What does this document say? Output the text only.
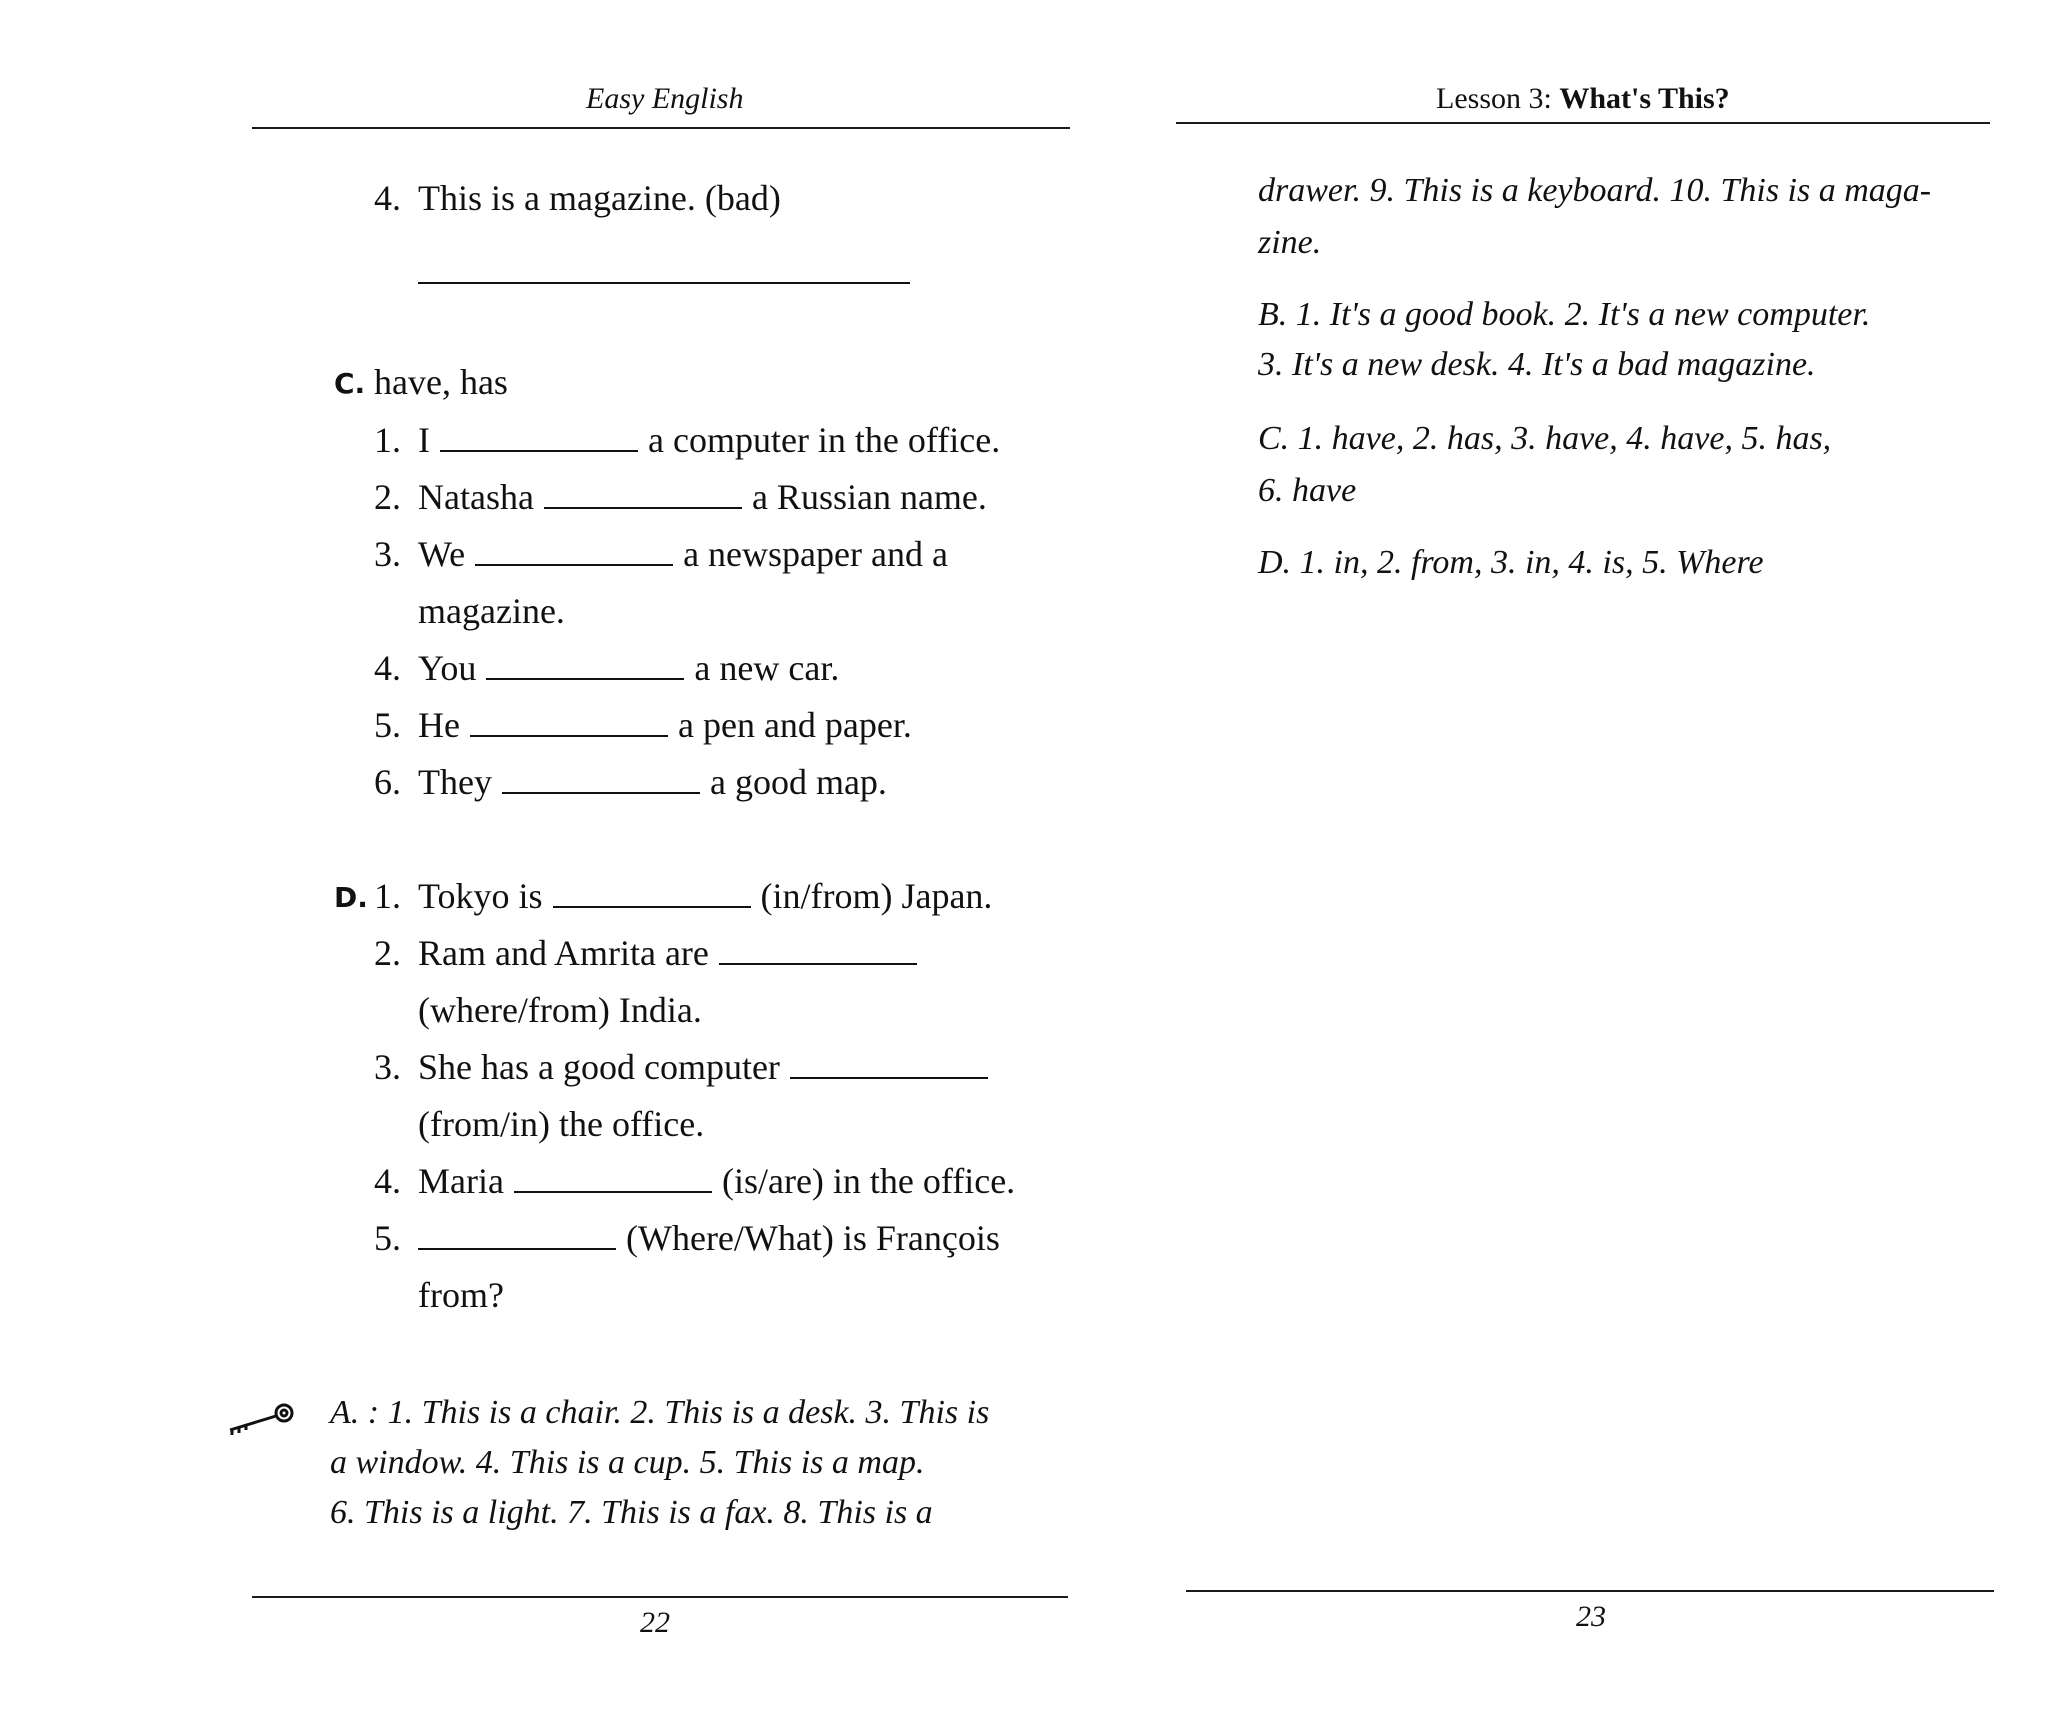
Easy English
4. This is a magazine. (bad)
C. have, has
1. I	a computer in the office.
2. Natasha	a Russian name.
3. We	a newspaper and a
magazine.
4. You	a new car.
5. He	a pen and paper.
6. They	a good map.
D. 1. Tokyo is	(in/from) Japan.
2. Ram and Amrita are
(where/from) India.
3. She has a good computer
(from/in) the office.
4. Maria	(is/are) in the office.
5.	(Where/What) is François
from?
A. : 1. This is a chair. 2. This is a desk. 3. This is
a window. 4. This is a cup. 5. This is a map.
6. This is a light. 7. This is a fax. 8. This is a
22
Lesson 3: What's This?
drawer. 9. This is a keyboard. 10. This is a maga-
zine.
B. 1. It's a good book. 2. It's a new computer.
3. It's a new desk. 4. It's a bad magazine.
C. 1. have, 2. has, 3. have, 4. have, 5. has,
6. have
D. 1. in, 2. from, 3. in, 4. is, 5. Where
23
